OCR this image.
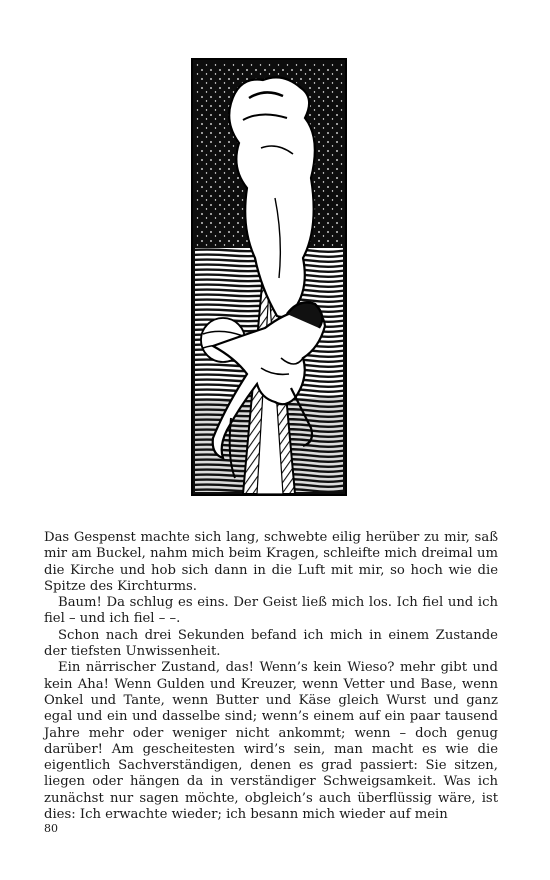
Das Gespenst machte sich lang, schwebte eilig herüber zu mir, saß mir am Buckel, nahm mich beim Kragen, schleifte mich dreimal um die Kirche und hob sich dann in die Luft mit mir, so hoch wie die Spitze des Kirchturms.

Baum! Da schlug es eins. Der Geist ließ mich los. Ich fiel und ich fiel – und ich fiel – –.

Schon nach drei Sekunden befand ich mich in einem Zustande der tiefsten Unwissenheit.

Ein närrischer Zustand, das! Wenn’s kein Wieso? mehr gibt und kein Aha! Wenn Gulden und Kreuzer, wenn Vetter und Base, wenn Onkel und Tante, wenn Butter und Käse gleich Wurst und ganz egal und ein und dasselbe sind; wenn’s einem auf ein paar tausend Jahre mehr oder weniger nicht ankommt; wenn – doch genug darüber! Am gescheitesten wird’s sein, man macht es wie die eigentlich Sachverständigen, denen es grad passiert: Sie sitzen, liegen oder hängen da in verständiger Schweigsamkeit. Was ich zunächst nur sagen möchte, obgleich’s auch überflüssig wäre, ist dies: Ich erwachte wieder; ich besann mich wieder auf mein

80
